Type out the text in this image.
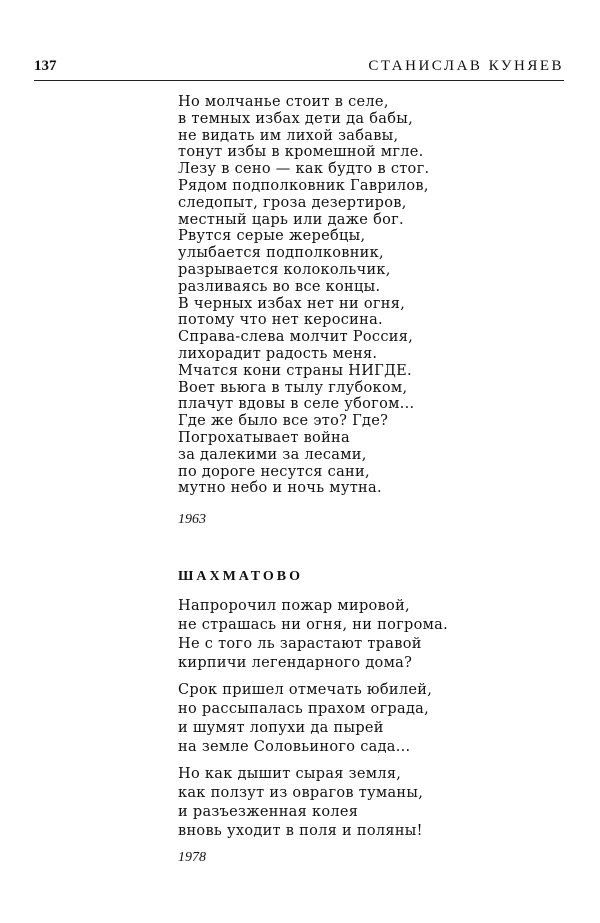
137	СТАНИСЛАВ КУНЯЕВ
Но молчанье стоит в селе,
в темных избах дети да бабы,
не видать им лихой забавы,
тонут избы в кромешной мгле.
Лезу в сено — как будто в стог.
Рядом подполковник Гаврилов,
следопыт, гроза дезертиров,
местный царь или даже бог.
Рвутся серые жеребцы,
улыбается подполковник,
разрывается колокольчик,
разливаясь во все концы.
В черных избах нет ни огня,
потому что нет керосина.
Справа-слева молчит Россия,
лихорадит радость меня.
Мчатся кони страны НИГДЕ.
Воет вьюга в тылу глубоком,
плачут вдовы в селе убогом...
Где же было все это? Где?
Погрохатывает война
за далекими за лесами,
по дороге несутся сани,
мутно небо и ночь мутна.
1963
ШАХМАТОВО
Напророчил пожар мировой,
не страшась ни огня, ни погрома.
Не с того ль зарастают травой
кирпичи легендарного дома?
Срок пришел отмечать юбилей,
но рассыпалась прахом ограда,
и шумят лопухи да пырей
на земле Соловьиного сада...
Но как дышит сырая земля,
как ползут из оврагов туманы,
и разъезженная колея
вновь уходит в поля и поляны!
1978
